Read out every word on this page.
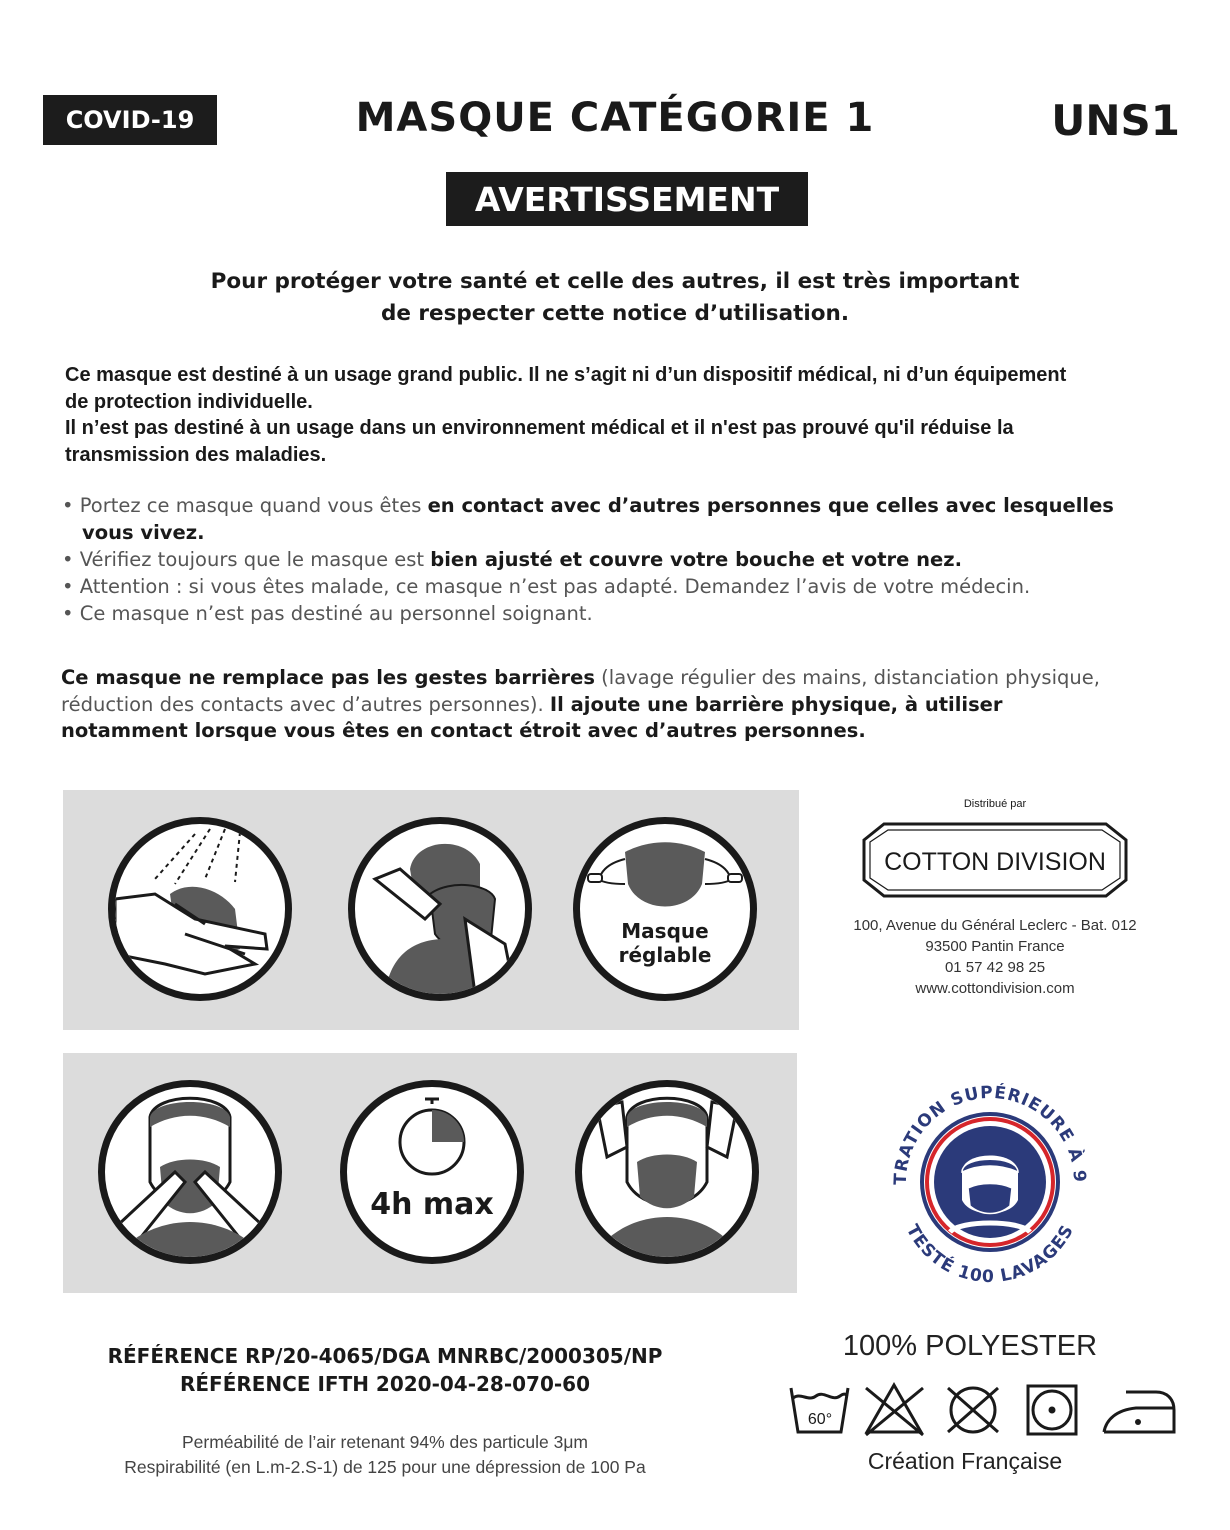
COVID-19	MASQUE CATÉGORIE 1	UNS1
AVERTISSEMENT
Pour protéger votre santé et celle des autres, il est très important
de respecter cette notice d’utilisation.
Ce masque est destiné à un usage grand public. Il ne s’agit ni d’un dispositif médical, ni d’un équipement
de protection individuelle.
Il n’est pas destiné à un usage dans un environnement médical et il n'est pas prouvé qu'il réduise la
transmission des maladies.

• Portez ce masque quand vous êtes en contact avec d’autres personnes que celles avec lesquelles

vous vivez.

• Vérifiez toujours que le masque est bien ajusté et couvre votre bouche et votre nez.

• Attention : si vous êtes malade, ce masque n’est pas adapté. Demandez l’avis de votre médecin.

• Ce masque n’est pas destiné au personnel soignant.

Ce masque ne remplace pas les gestes barrières (lavage régulier des mains, distanciation physique,
réduction des contacts avec d’autres personnes). Il ajoute une barrière physique, à utiliser
notamment lorsque vous êtes en contact étroit avec d’autres personnes.
Masque
réglable
4h max
Distribué par
COTTON DIVISION
100, Avenue du Général Leclerc - Bat. 012
93500 Pantin France
01 57 42 98 25
www.cottondivision.com
TRATION SUPÉRIEURE À 9
TESTÉ 100 LAVAGES
RÉFÉRENCE RP/20-4065/DGA MNRBC/2000305/NP
RÉFÉRENCE IFTH 2020-04-28-070-60
Perméabilité de l’air retenant 94% des particule 3μm
Respirabilité (en L.m-2.S-1) de 125 pour une dépression de 100 Pa
100% POLYESTER
60°
Création Française
